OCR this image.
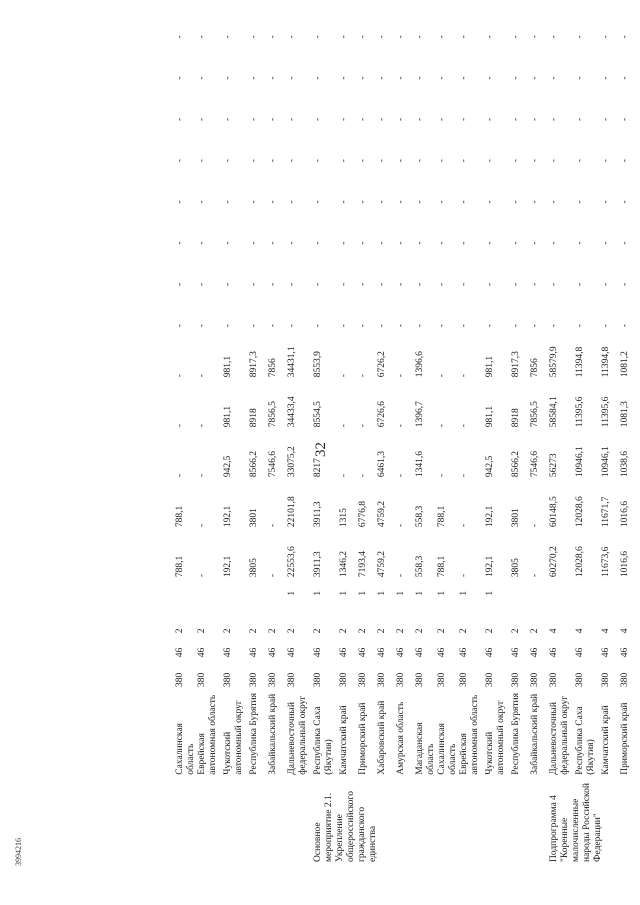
32
3994216
	Сахалинская область	380	46	2		788,1	788,1	-	-	-	-	-	-	-	-	-	-	-
	Еврейская автономная область	380	46	2		-	-	-	-	-	-	-	-	-	-	-	-	-
	Чукотский автономный округ	380	46	2		192,1	192,1	942,5	981,1	981,1	-	-	-	-	-	-	-	-
	Республика Бурятия	380	46	2		3805	3801	8566,2	8918	8917,3	-	-	-	-	-	-	-	-
	Забайкальский край	380	46	2		-	-	7546,6	7856,5	7856	-	-	-	-	-	-	-	-
	Дальневосточный федеральный округ	380	46	2	1	22553,6	22101,8	33075,2	34433,4	34431,1	-	-	-	-	-	-	-	-
Основное мероприятие 2.1. Укрепление общероссийского гражданского единства	Республика Саха (Якутия)	380	46	2	1	3911,3	3911,3	8217	8554,5	8553,9	-	-	-	-	-	-	-	-
	Камчатский край	380	46	2	1	1346,2	1315	-	-	-	-	-	-	-	-	-	-	-
	Приморский край	380	46	2	1	7193,4	6776,8	-	-	-	-	-	-	-	-	-	-	-
	Хабаровский край	380	46	2	1	4759,2	4759,2	6461,3	6726,6	6726,2	-	-	-	-	-	-	-	-
	Амурская область	380	46	2	1	-	-	-	-	-	-	-	-	-	-	-	-	-
	Магаданская область	380	46	2	1	558,3	558,3	1341,6	1396,7	1396,6	-	-	-	-	-	-	-	-
	Сахалинская область	380	46	2	1	788,1	788,1	-	-	-	-	-	-	-	-	-	-	-
	Еврейская автономная область	380	46	2	1	-	-	-	-	-	-	-	-	-	-	-	-	-
	Чукотский автономный округ	380	46	2	1	192,1	192,1	942,5	981,1	981,1	-	-	-	-	-	-	-	-
	Республика Бурятия	380	46	2		3805	3801	8566,2	8918	8917,3	-	-	-	-	-	-	-	-
	Забайкальский край	380	46	2		-	-	7546,6	7856,5	7856	-	-	-	-	-	-	-	-
Подпрограмма 4 "Коренные малочисленные народы Российской Федерации"	Дальневосточный федеральный округ	380	46	4		60270,2	60148,5	56273	58584,1	58579,9	-	-	-	-	-	-	-	-
	Республика Саха (Якутия)	380	46	4		12028,6	12028,6	10946,1	11395,6	11394,8	-	-	-	-	-	-	-	-
	Камчатский край	380	46	4		11673,6	11671,7	10946,1	11395,6	11394,8	-	-	-	-	-	-	-	-
	Приморский край	380	46	4		1016,6	1016,6	1038,6	1081,3	1081,2	-	-	-	-	-	-	-	-
